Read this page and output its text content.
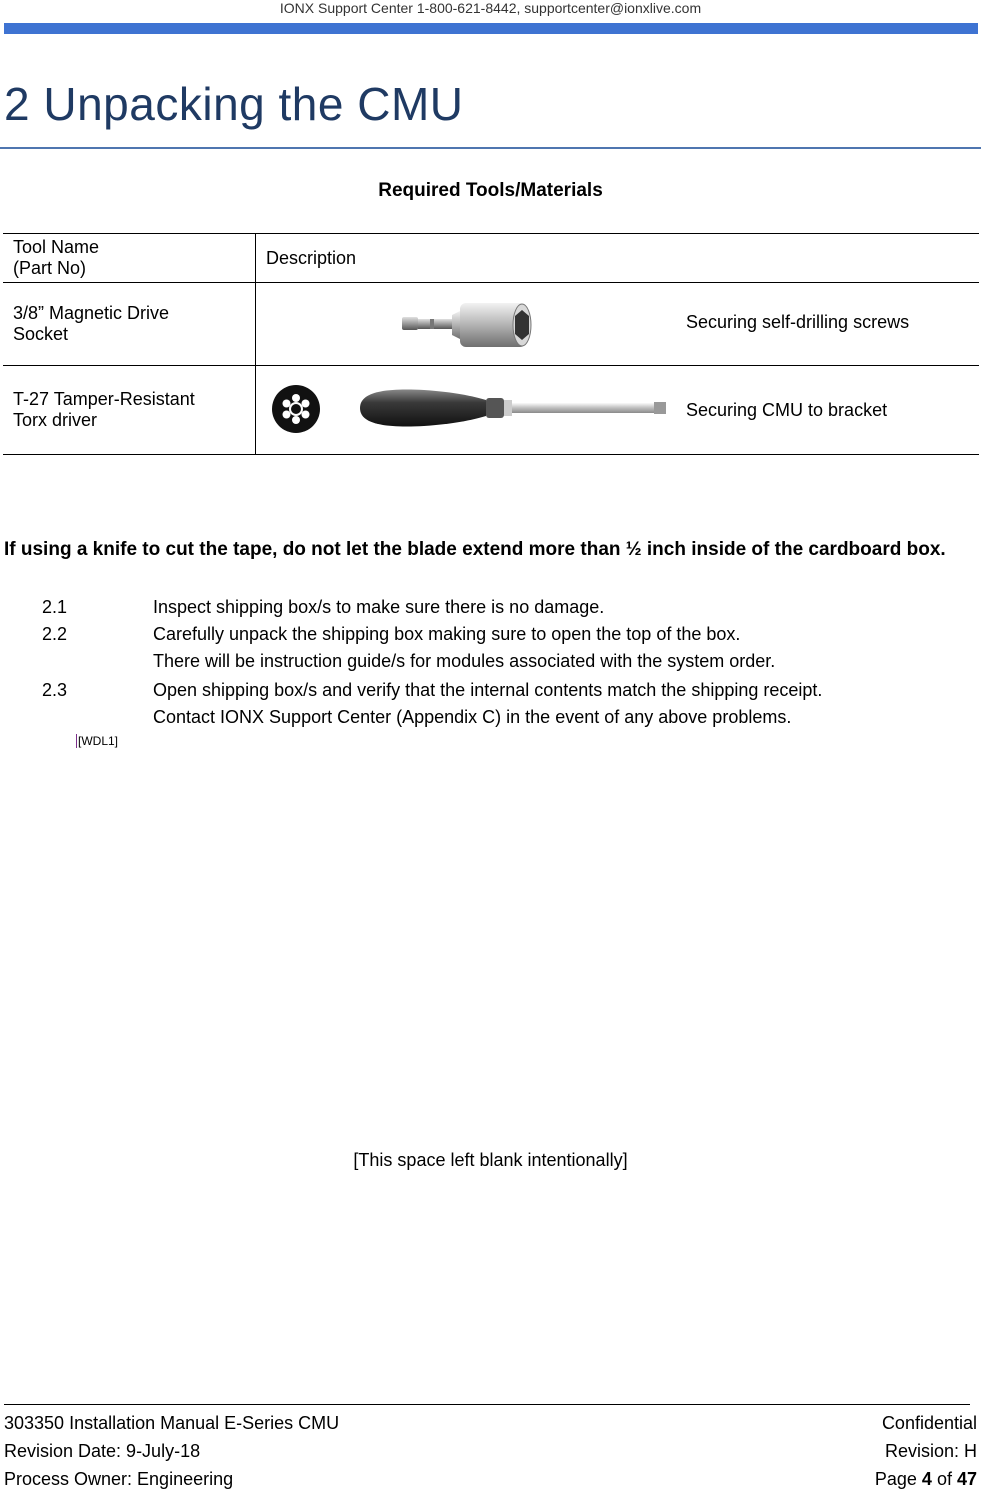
IONX Support Center 1-800-621-8442, supportcenter@ionxlive.com
2 Unpacking the CMU
Required Tools/Materials
Tool Name
(Part No)	Description

3/8” Magnetic Drive
Socket	Securing self-drilling screws

T-27 Tamper-Resistant
Torx driver	Securing CMU to bracket
If using a knife to cut the tape, do not let the blade extend more than ½ inch inside of the cardboard box.
2.1	Inspect shipping box/s to make sure there is no damage.
2.2	Carefully unpack the shipping box making sure to open the top of the box.
There will be instruction guide/s for modules associated with the system order.
2.3	Open shipping box/s and verify that the internal contents match the shipping receipt.
Contact IONX Support Center (Appendix C) in the event of any above problems.
[WDL1]
[This space left blank intentionally]
303350 Installation Manual E-Series CMU	Confidential
Revision Date: 9-July-18	Revision: H
Process Owner: Engineering	Page 4 of 47
